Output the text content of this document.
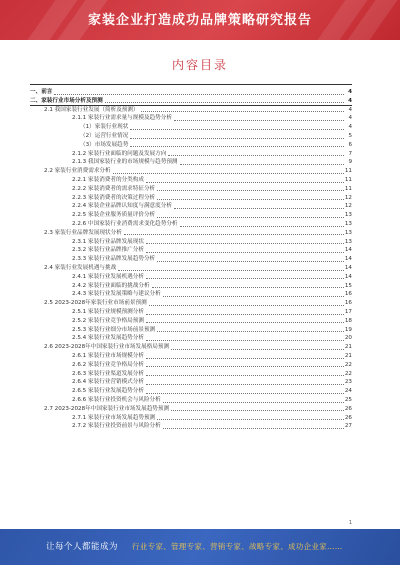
家装企业打造成功品牌策略研究报告
内容目录
一、前言	4
二、家装行业市场分析及预测	4
2.1 我国家装行业发展（简析及预测）	4
2.1.1 家装行业需求量与规模及趋势分析	4
（1）家装行业现状	4
（2）运营行业情况	5
（3）市场发展趋势	6
2.1.2 家装行业面临的问题及发展方向	7
2.1.3 我国家装行业的市场规模与趋势预测	9
2.2 家装行业消费需求分析	11
2.2.1 家装消费者的分类构成	11
2.2.2 家装消费者的需求特征分析	11
2.2.3 家装消费者的决策过程分析	12
2.2.4 家装企业品牌认知度与满意度分析	12
2.2.5 家装企业服务质量评价分析	13
2.2.6 中国家装行业消费需求变化趋势分析	13
2.3 家装行业品牌发展现状分析	13
2.3.1 家装行业品牌发展现状	13
2.3.2 家装行业品牌推广分析	14
2.3.3 家装行业品牌发展趋势分析	14
2.4 家装行业发展机遇与挑战	14
2.4.1 家装行业发展机遇分析	14
2.4.2 家装行业面临的挑战分析	15
2.4.3 家装行业发展策略与建议分析	16
2.5 2023-2028年家装行业市场前景预测	16
2.5.1 家装行业规模预测分析	17
2.5.2 家装行业竞争格局预测	18
2.5.3 家装行业细分市场前景预测	19
2.5.4 家装行业发展趋势分析	20
2.6 2023-2028年中国家装行业市场发展格局预测	21
2.6.1 家装行业市场规模分析	21
2.6.2 家装行业竞争格局分析	22
2.6.3 家装行业渠道发展分析	22
2.6.4 家装行业营销模式分析	23
2.6.5 家装行业发展趋势分析	24
2.6.6 家装行业投资机会与风险分析	25
2.7 2023-2028年中国家装行业市场发展趋势预测	26
2.7.1 家装行业市场发展趋势预测	26
2.7.2 家装行业投资前景与风险分析	27
1
让每个人都能成为 行业专家、管理专家、营销专家、战略专家、成功企业家……
